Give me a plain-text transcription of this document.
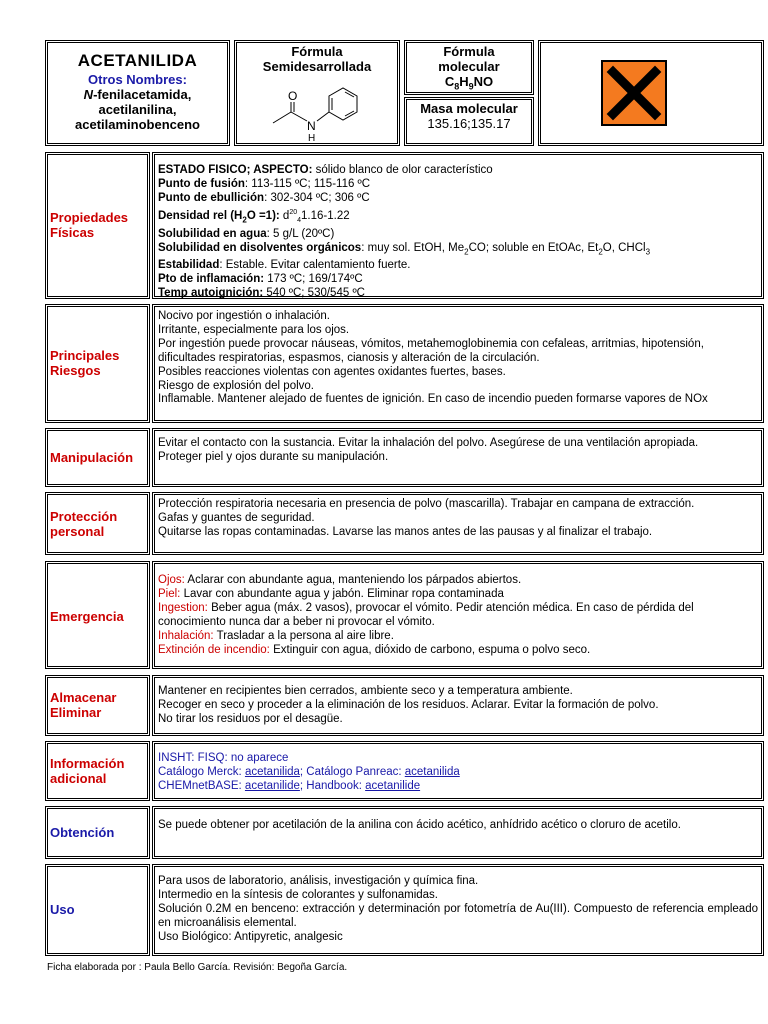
ACETANILIDA
Otros Nombres:
N-fenilacetamida,
acetilanilina,
acetilaminobenceno
Fórmula
Semidesarrollada
O
N
H
Fórmula
molecular
$C_8H_9NO$
Masa molecular
135.16;135.17
Propiedades
Físicas
ESTADO FISICO; ASPECTO: sólido blanco de olor característico
Punto de fusión: 113-115 ºC; 115-116 ºC
Punto de ebullición: 302-304 ºC; 306 ºC
Densidad rel $(H_2O =1)$: $d^{20}_41.16-1.22$
Solubilidad en agua: 5 g/L (20ºC)
Solubilidad en disolventes orgánicos: muy sol. EtOH, $Me_2CO$; soluble en EtOAc, $Et_2O$, CHCl$_3$
Estabilidad: Estable. Evitar calentamiento fuerte.
Pto de inflamación: 173 ºC; 169/174ºC
Temp autoignición: 540 ºC; 530/545 ºC
Principales
Riesgos
Nocivo por ingestión o inhalación.
Irritante, especialmente para los ojos.
Por ingestión puede provocar náuseas, vómitos, metahemoglobinemia con cefaleas, arritmias, hipotensión, dificultades respiratorias, espasmos, cianosis y alteración de la circulación.
Posibles reacciones violentas con agentes oxidantes fuertes, bases.
Riesgo de explosión del polvo.
Inflamable. Mantener alejado de fuentes de ignición. En caso de incendio pueden formarse vapores de NOx
Manipulación
Evitar el contacto con la sustancia. Evitar la inhalación del polvo. Asegúrese de una ventilación apropiada.
Proteger piel y ojos durante su manipulación.
Protección
personal
Protección respiratoria necesaria en presencia de polvo (mascarilla). Trabajar en campana de extracción.
Gafas y guantes de seguridad.
Quitarse las ropas contaminadas. Lavarse las manos antes de las pausas y al finalizar el trabajo.
Emergencia
Ojos: Aclarar con abundante agua, manteniendo los párpados abiertos.
Piel: Lavar con abundante agua y jabón. Eliminar ropa contaminada
Ingestion: Beber agua (máx. 2 vasos), provocar el vómito. Pedir atención médica. En caso de pérdida del conocimiento nunca dar a beber ni provocar el vómito.
Inhalación: Trasladar a la persona al aire libre.
Extinción de incendio: Extinguir con agua, dióxido de carbono, espuma o polvo seco.
Almacenar
Eliminar
Mantener en recipientes bien cerrados, ambiente seco y a temperatura ambiente.
Recoger en seco y proceder a la eliminación de los residuos. Aclarar. Evitar la formación de polvo.
No tirar los residuos por el desagüe.
Información
adicional
INSHT: FISQ: no aparece
Catálogo Merck: acetanilida; Catálogo Panreac: acetanilida
CHEMnetBASE: acetanilide; Handbook: acetanilide
Obtención	Se puede obtener por acetilación de la anilina con ácido acético, anhídrido acético o cloruro de acetilo.
Uso
Para usos de laboratorio, análisis, investigación y química fina.
Intermedio en la síntesis de colorantes y sulfonamidas.
Solución 0.2M en benceno: extracción y determinación por fotometría de Au(III). Compuesto de referencia empleado en microanálisis elemental.
Uso Biológico: Antipyretic, analgesic
Ficha elaborada por : Paula Bello García. Revisión: Begoña García.
